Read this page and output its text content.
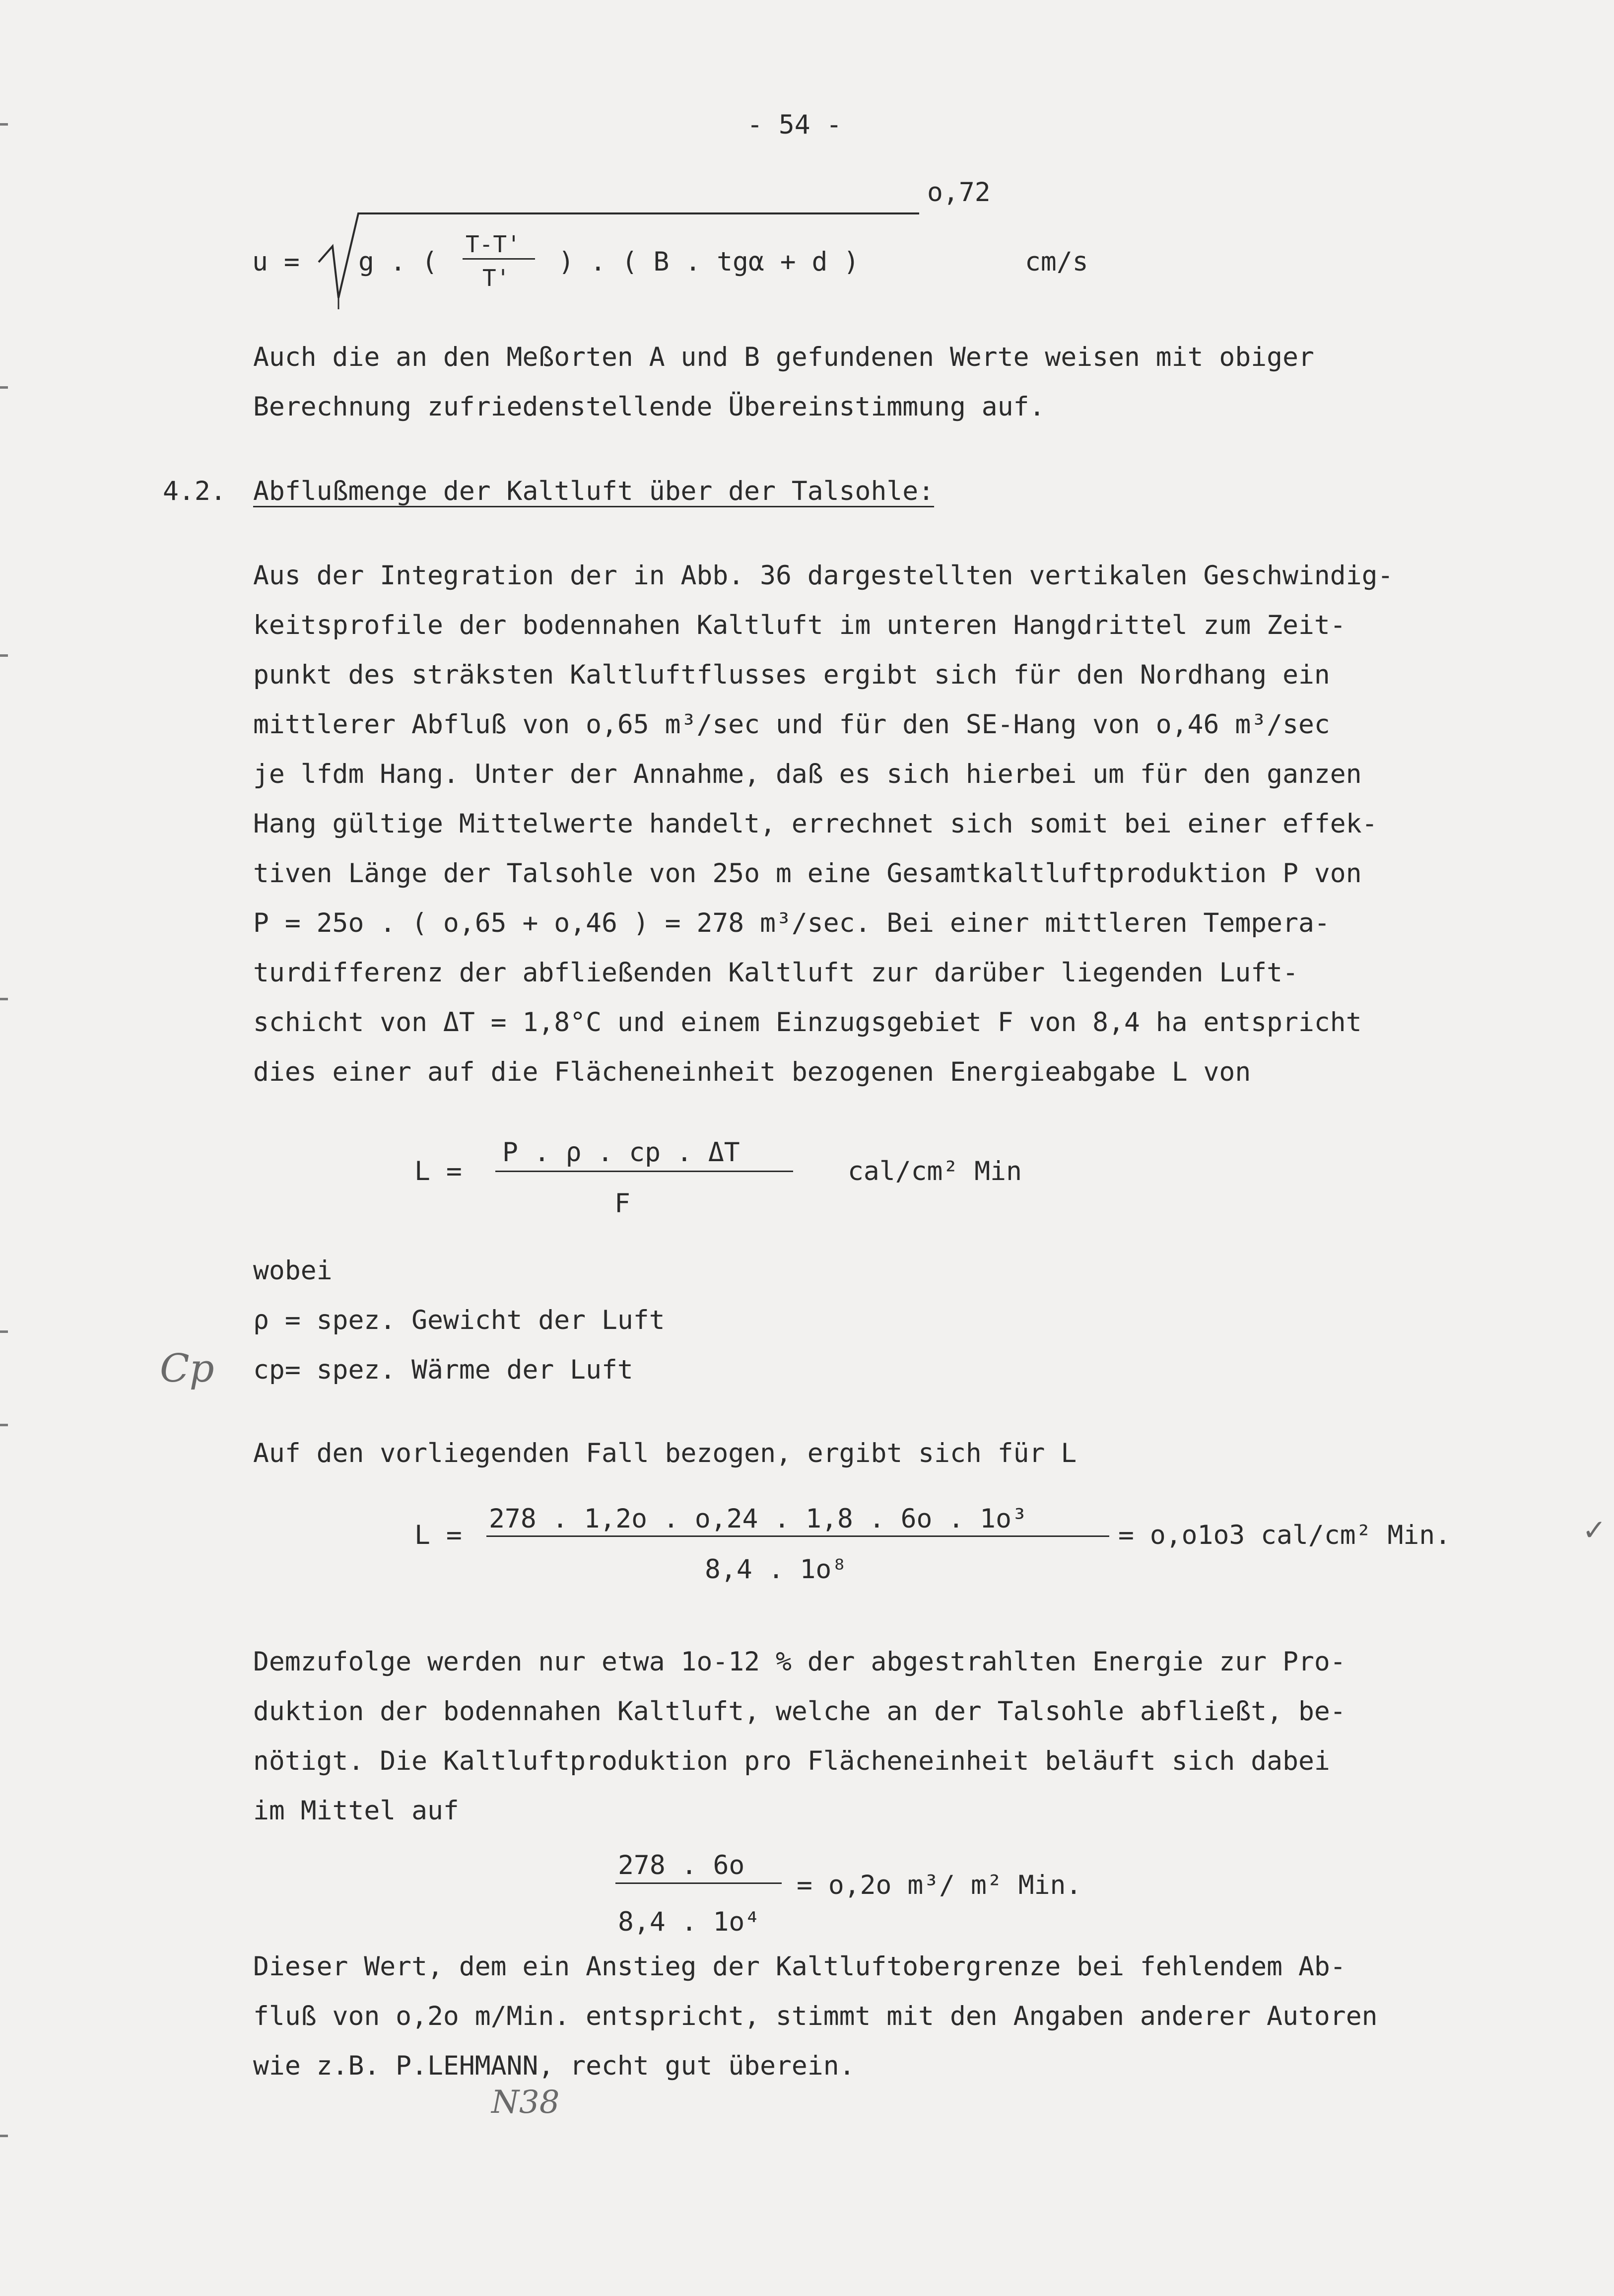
- 54 -
o,72
u = g . (
T-T'
T'
) . ( B . tgα + d )	cm/s
Auch die an den Meßorten A und B gefundenen Werte weisen mit obiger
Berechnung zufriedenstellende Übereinstimmung auf.
4.2. Abflußmenge der Kaltluft über der Talsohle:
Aus der Integration der in Abb. 36 dargestellten vertikalen Geschwindig-
keitsprofile der bodennahen Kaltluft im unteren Hangdrittel zum Zeit-
punkt des sträksten Kaltluftflusses ergibt sich für den Nordhang ein
mittlerer Abfluß von o,65 m³/sec und für den SE-Hang von o,46 m³/sec
je lfdm Hang. Unter der Annahme, daß es sich hierbei um für den ganzen
Hang gültige Mittelwerte handelt, errechnet sich somit bei einer effek-
tiven Länge der Talsohle von 25o m eine Gesamtkaltluftproduktion P von
P = 25o . ( o,65 + o,46 ) = 278 m³/sec. Bei einer mittleren Tempera-
turdifferenz der abfließenden Kaltluft zur darüber liegenden Luft-
schicht von ΔT = 1,8°C und einem Einzugsgebiet F von 8,4 ha entspricht
dies einer auf die Flächeneinheit bezogenen Energieabgabe L von
L =
P . ρ . cp . ΔT
F
cal/cm² Min
wobei
ρ = spez. Gewicht der Luft
cp= spez. Wärme der Luft
Auf den vorliegenden Fall bezogen, ergibt sich für L
L =
278 . 1,2o . o,24 . 1,8 . 6o . 1o³
8,4 . 1o⁸
= o,o1o3 cal/cm² Min.
Demzufolge werden nur etwa 1o-12 % der abgestrahlten Energie zur Pro-
duktion der bodennahen Kaltluft, welche an der Talsohle abfließt, be-
nötigt. Die Kaltluftproduktion pro Flächeneinheit beläuft sich dabei
im Mittel auf
278 . 6o
8,4 . 1o⁴
= o,2o m³/ m² Min.
Dieser Wert, dem ein Anstieg der Kaltluftobergrenze bei fehlendem Ab-
fluß von o,2o m/Min. entspricht, stimmt mit den Angaben anderer Autoren
wie z.B. P.LEHMANN, recht gut überein.
Cp
N38
✓
